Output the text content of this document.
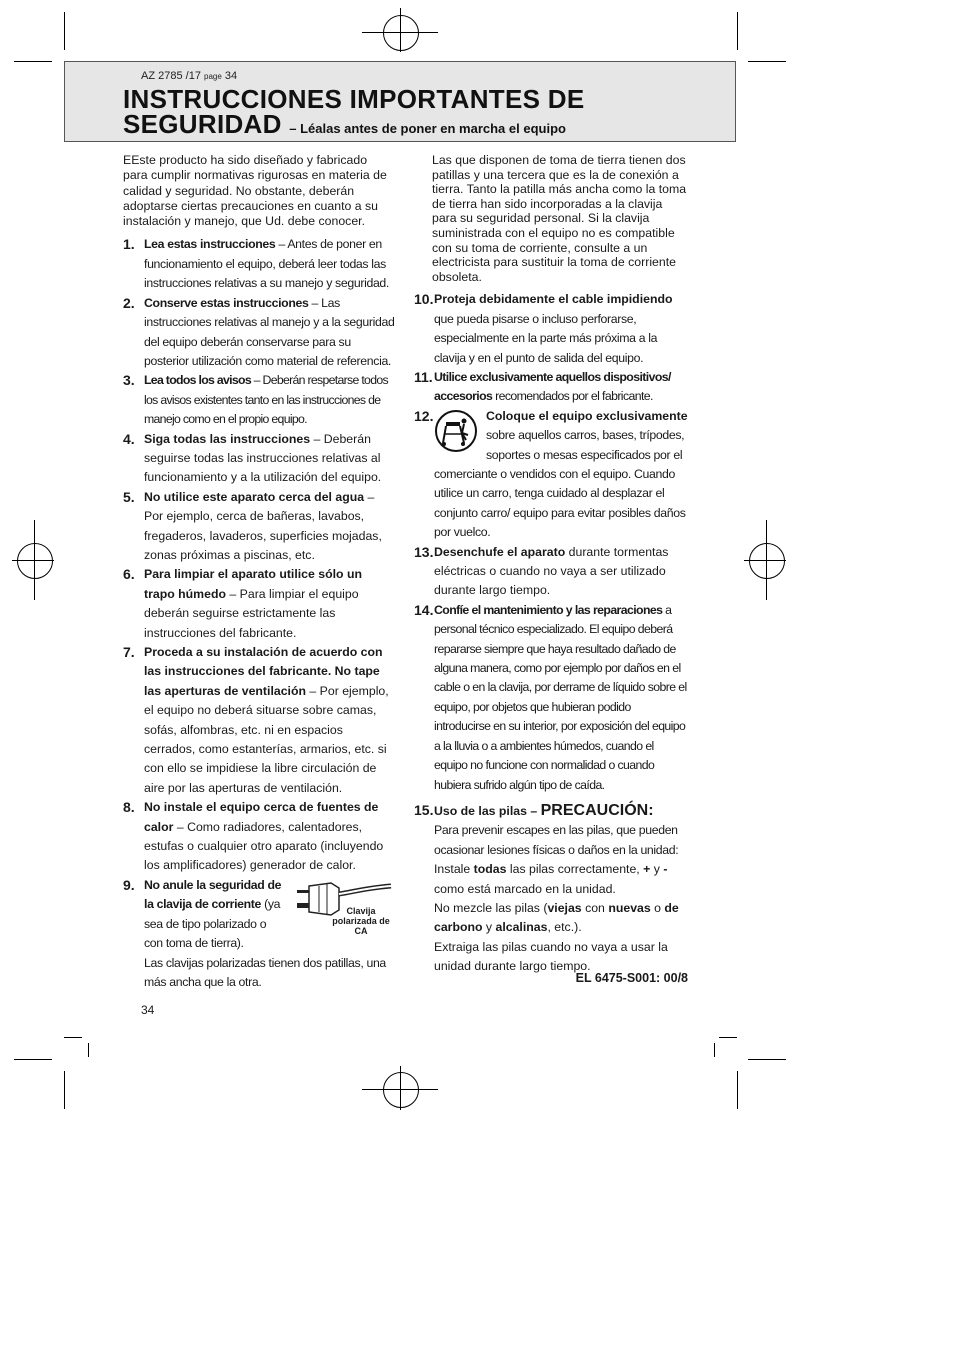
AZ 2785 /17 page 34
INSTRUCCIONES IMPORTANTES DE
SEGURIDAD – Léalas antes de poner en marcha el equipo

EEste producto ha sido diseñado y fabricado para cumplir normativas rigurosas en materia de calidad y seguridad. No obstante, deberán adoptarse ciertas precauciones en cuanto a su instalación y manejo, que Ud. debe conocer.

1. Lea estas instrucciones – Antes de poner en funcionamiento el equipo, deberá leer todas las instrucciones relativas a su manejo y seguridad.
2. Conserve estas instrucciones – Las instrucciones relativas al manejo y a la seguridad del equipo deberán conservarse para su posterior utilización como material de referencia.
3. Lea todos los avisos – Deberán respetarse todos los avisos existentes tanto en las instrucciones de manejo como en el propio equipo.
4. Siga todas las instrucciones – Deberán seguirse todas las instrucciones relativas al funcionamiento y a la utilización del equipo.
5. No utilice este aparato cerca del agua – Por ejemplo, cerca de bañeras, lavabos, fregaderos, lavaderos, superficies mojadas, zonas próximas a piscinas, etc.
6. Para limpiar el aparato utilice sólo un trapo húmedo – Para limpiar el equipo deberán seguirse estrictamente las instrucciones del fabricante.
7. Proceda a su instalación de acuerdo con las instrucciones del fabricante. No tape las aperturas de ventilación – Por ejemplo, el equipo no deberá situarse sobre camas, sofás, alfombras, etc. ni en espacios cerrados, como estanterías, armarios, etc. si con ello se impidiese la libre circulación de aire por las aperturas de ventilación.
8. No instale el equipo cerca de fuentes de calor – Como radiadores, calentadores, estufas o cualquier otro aparato (incluyendo los amplificadores) generador de calor.
9. No anule la seguridad de la clavija de corriente (ya sea de tipo polarizado o con toma de tierra).
Clavija polarizada de CA

Las clavijas polarizadas tienen dos patillas, una más ancha que la otra.

Las que disponen de toma de tierra tienen dos patillas y una tercera que es la de conexión a tierra. Tanto la patilla más ancha como la toma de tierra han sido incorporadas a la clavija para su seguridad personal. Si la clavija suministrada con el equipo no es compatible con su toma de corriente, consulte a un electricista para sustituir la toma de corriente obsoleta.

10. Proteja debidamente el cable impidiendo que pueda pisarse o incluso perforarse, especialmente en la parte más próxima a la clavija y en el punto de salida del equipo.
11. Utilice exclusivamente aquellos dispositivos/ accesorios recomendados por el fabricante.
12.	Coloque el equipo exclusivamente sobre aquellos carros, bases, trípodes, soportes o mesas especificados por el comerciante o vendidos con el equipo. Cuando utilice un carro, tenga cuidado al desplazar el conjunto carro/ equipo para evitar posibles daños por vuelco.
13. Desenchufe el aparato durante tormentas eléctricas o cuando no vaya a ser utilizado durante largo tiempo.
14. Confíe el mantenimiento y las reparaciones a personal técnico especializado. El equipo deberá repararse siempre que haya resultado dañado de alguna manera, como por ejemplo por daños en el cable o en la clavija, por derrame de líquido sobre el equipo, por objetos que hubieran podido introducirse en su interior, por exposición del equipo a la lluvia o a ambientes húmedos, cuando el equipo no funcione con normalidad o cuando hubiera sufrido algún tipo de caída.
15. Uso de las pilas – PRECAUCIÓN:

Para prevenir escapes en las pilas, que pueden ocasionar lesiones físicas o daños en la unidad:

Instale todas las pilas correctamente, + y - como está marcado en la unidad.

No mezcle las pilas (viejas con nuevas o de carbono y alcalinas, etc.).

Extraiga las pilas cuando no vaya a usar la unidad durante largo tiempo.

EL 6475-S001: 00/8
34
